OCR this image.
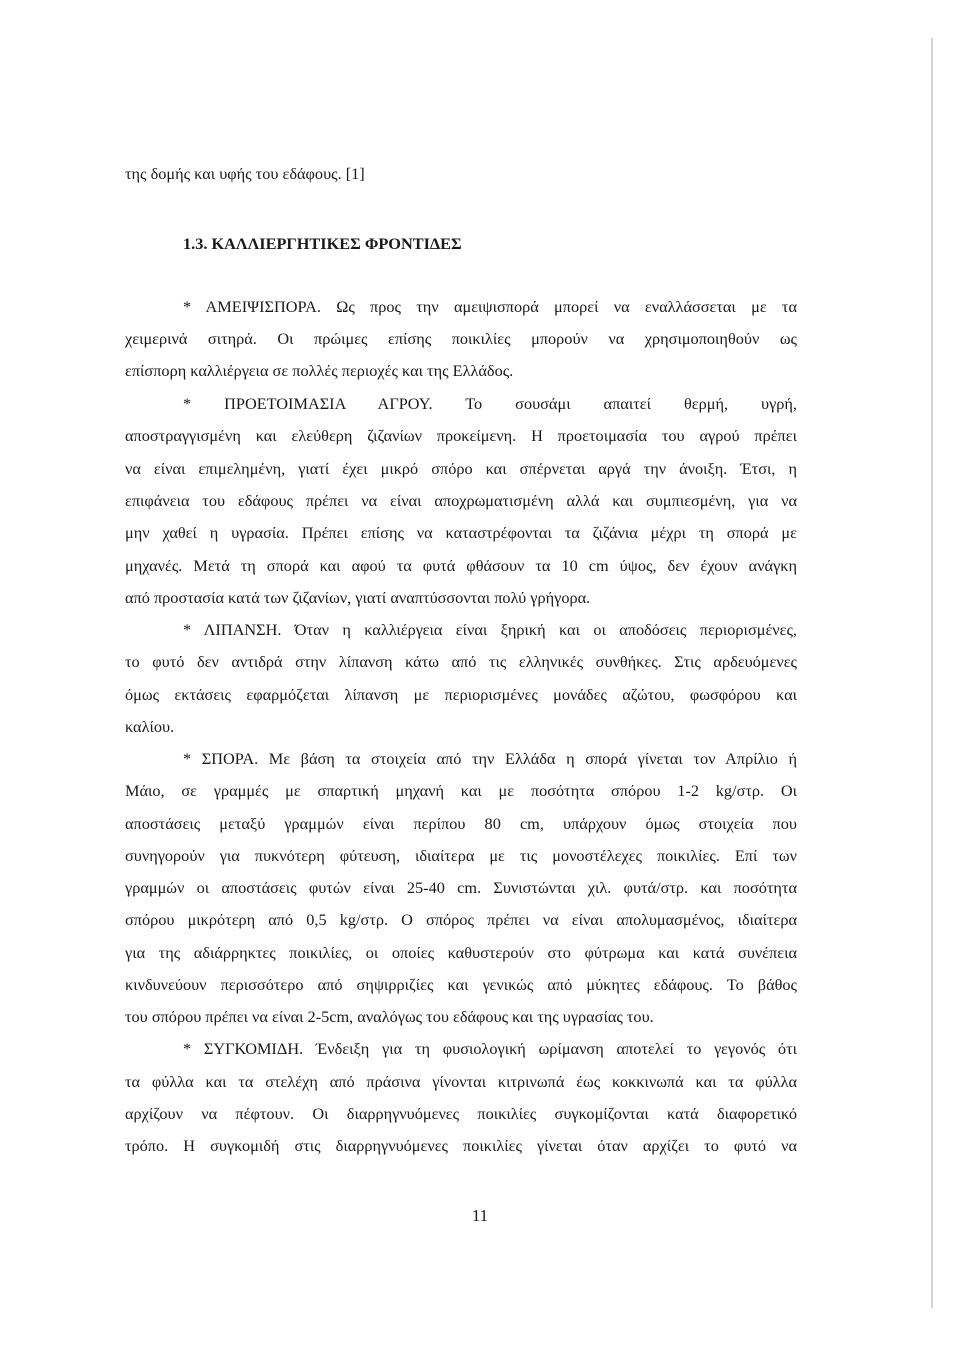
της δομής και υφής του εδάφους. [1]
1.3. ΚΑΛΛΙΕΡΓΗΤΙΚΕΣ ΦΡΟΝΤΙΔΕΣ
* ΑΜΕΙΨΙΣΠΟΡΑ. Ως προς την αμειψισπορά μπορεί να εναλλάσσεται με τα
χειμερινά σιτηρά. Οι πρώιμες επίσης ποικιλίες μπορούν να χρησιμοποιηθούν ως
επίσπορη καλλιέργεια σε πολλές περιοχές και της Ελλάδος.
* ΠΡΟΕΤΟΙΜΑΣΙΑ ΑΓΡΟΥ. Το σουσάμι απαιτεί θερμή, υγρή,
αποστραγγισμένη και ελεύθερη ζιζανίων προκείμενη. Η προετοιμασία του αγρού πρέπει
να είναι επιμελημένη, γιατί έχει μικρό σπόρο και σπέρνεται αργά την άνοιξη. Έτσι, η
επιφάνεια του εδάφους πρέπει να είναι αποχρωματισμένη αλλά και συμπιεσμένη, για να
μην χαθεί η υγρασία. Πρέπει επίσης να καταστρέφονται τα ζιζάνια μέχρι τη σπορά με
μηχανές. Μετά τη σπορά και αφού τα φυτά φθάσουν τα 10 cm ύψος, δεν έχουν ανάγκη
από προστασία κατά των ζιζανίων, γιατί αναπτύσσονται πολύ γρήγορα.
* ΛΙΠΑΝΣΗ. Όταν η καλλιέργεια είναι ξηρική και οι αποδόσεις περιορισμένες,
το φυτό δεν αντιδρά στην λίπανση κάτω από τις ελληνικές συνθήκες. Στις αρδευόμενες
όμως εκτάσεις εφαρμόζεται λίπανση με περιορισμένες μονάδες αζώτου, φωσφόρου και
καλίου.
* ΣΠΟΡΑ. Με βάση τα στοιχεία από την Ελλάδα η σπορά γίνεται τον Απρίλιο ή
Μάιο, σε γραμμές με σπαρτική μηχανή και με ποσότητα σπόρου 1-2 kg/στρ. Οι
αποστάσεις μεταξύ γραμμών είναι περίπου 80 cm, υπάρχουν όμως στοιχεία που
συνηγορούν για πυκνότερη φύτευση, ιδιαίτερα με τις μονοστέλεχες ποικιλίες. Επί των
γραμμών οι αποστάσεις φυτών είναι 25-40 cm. Συνιστώνται χιλ. φυτά/στρ. και ποσότητα
σπόρου μικρότερη από 0,5 kg/στρ. Ο σπόρος πρέπει να είναι απολυμασμένος, ιδιαίτερα
για της αδιάρρηκτες ποικιλίες, οι οποίες καθυστερούν στο φύτρωμα και κατά συνέπεια
κινδυνεύουν περισσότερο από σηψιρριζίες και γενικώς από μύκητες εδάφους. Το βάθος
του σπόρου πρέπει να είναι 2-5cm, αναλόγως του εδάφους και της υγρασίας του.
* ΣΥΓΚΟΜΙΔΗ. Ένδειξη για τη φυσιολογική ωρίμανση αποτελεί το γεγονός ότι
τα φύλλα και τα στελέχη από πράσινα γίνονται κιτρινωπά έως κοκκινωπά και τα φύλλα
αρχίζουν να πέφτουν. Οι διαρρηγνυόμενες ποικιλίες συγκομίζονται κατά διαφορετικό
τρόπο. Η συγκομιδή στις διαρρηγνυόμενες ποικιλίες γίνεται όταν αρχίζει το φυτό να
11
